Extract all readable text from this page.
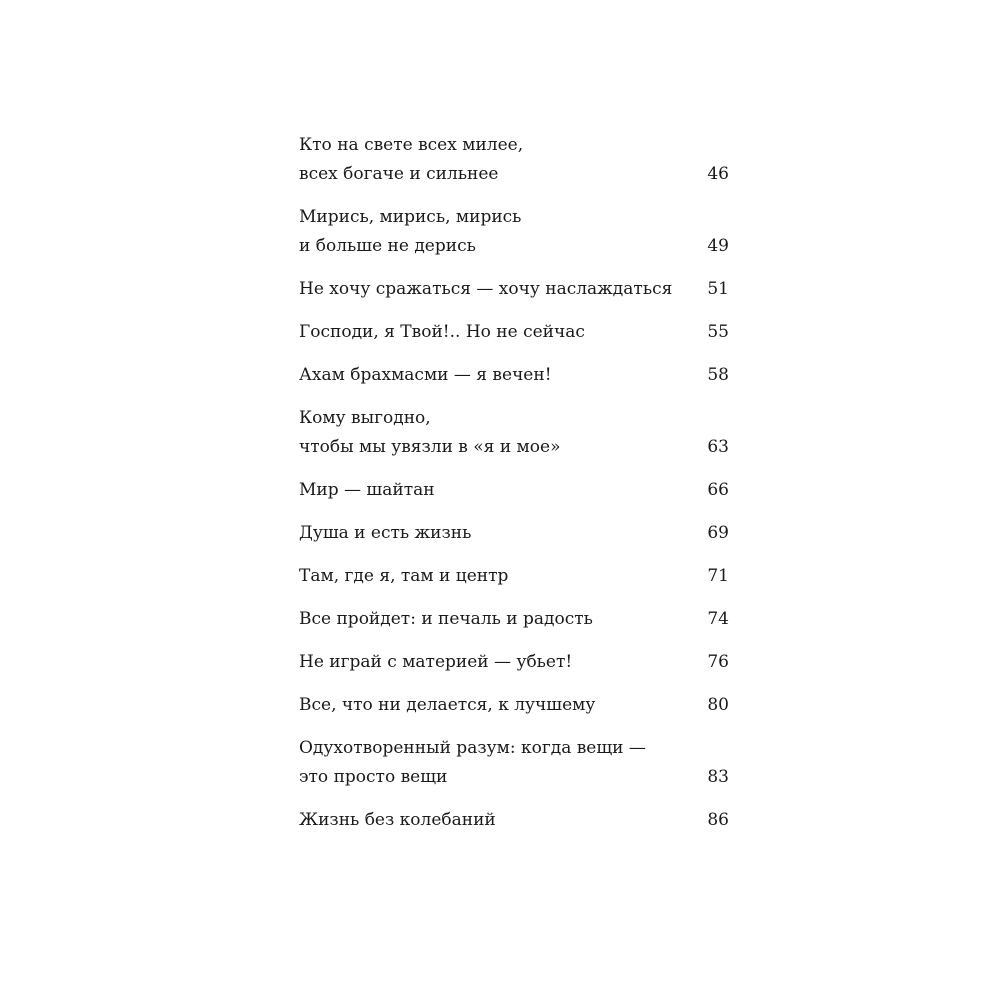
Кто на свете всех милее,
всех богаче и сильнее	46
Мирись, мирись, мирись
и больше не дерись	49
Не хочу сражаться — хочу наслаждаться 51
Господи, я Твой!.. Но не сейчас	55
Ахам брахмасми — я вечен!	58
Кому выгодно,
чтобы мы увязли в «я и мое»	63
Мир — шайтан	66
Душа и есть жизнь	69
Там, где я, там и центр	71
Все пройдет: и печаль и радость	74
Не играй с материей — убьет!	76
Все, что ни делается, к лучшему	80
Одухотворенный разум: когда вещи —
это просто вещи	83
Жизнь без колебаний	86
